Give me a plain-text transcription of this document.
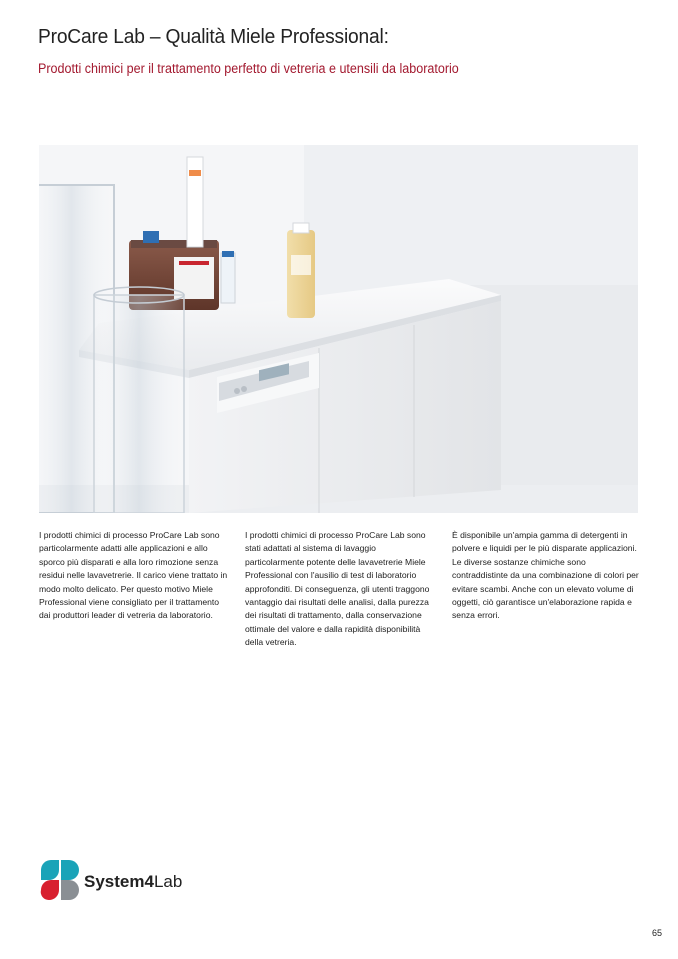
ProCare Lab – Qualità Miele Professional:
Prodotti chimici per il trattamento perfetto di vetreria e utensili da laboratorio

I prodotti chimici di processo ProCare Lab sono particolarmente adatti alle applicazioni e allo sporco più disparati e alla loro rimozione senza residui nelle lavavetrerie. Il carico viene trattato in modo molto delicato. Per questo motivo Miele Professional viene consigliato per il trattamento dai produttori leader di vetreria da laboratorio.

I prodotti chimici di processo ProCare Lab sono stati adattati al sistema di lavaggio particolarmente potente delle lavavetrerie Miele Professional con l'ausilio di test di laboratorio approfonditi. Di conseguenza, gli utenti traggono vantaggio dai risultati delle analisi, dalla purezza dei risultati di trattamento, dalla conservazione ottimale del valore e dalla rapidità disponibilità della vetreria.

È disponibile un'ampia gamma di detergenti in polvere e liquidi per le più disparate applicazioni. Le diverse sostanze chimiche sono contraddistinte da una combinazione di colori per evitare scambi. Anche con un elevato volume di oggetti, ciò garantisce un'elaborazione rapida e senza errori.

System4Lab
65
